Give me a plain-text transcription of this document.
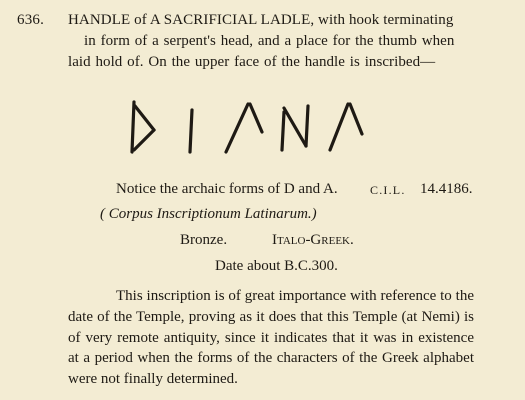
636. HANDLE of A SACRIFICIAL LADLE, with hook terminating
in form of a serpent's head, and a place for the thumb when
laid hold of. On the upper face of the handle is inscribed—
Notice the archaic forms of D and A.	C.I.L. 14.4186.
( Corpus Inscriptionum Latinarum.)
Bronze.	Italo-Greek.
Date about B.C.300.

This inscription is of great importance with reference to the date of the Temple, proving as it does that this Temple (at Nemi) is of very remote antiquity, since it indicates that it was in existence at a period when the forms of the characters of the Greek alphabet were not finally determined.
